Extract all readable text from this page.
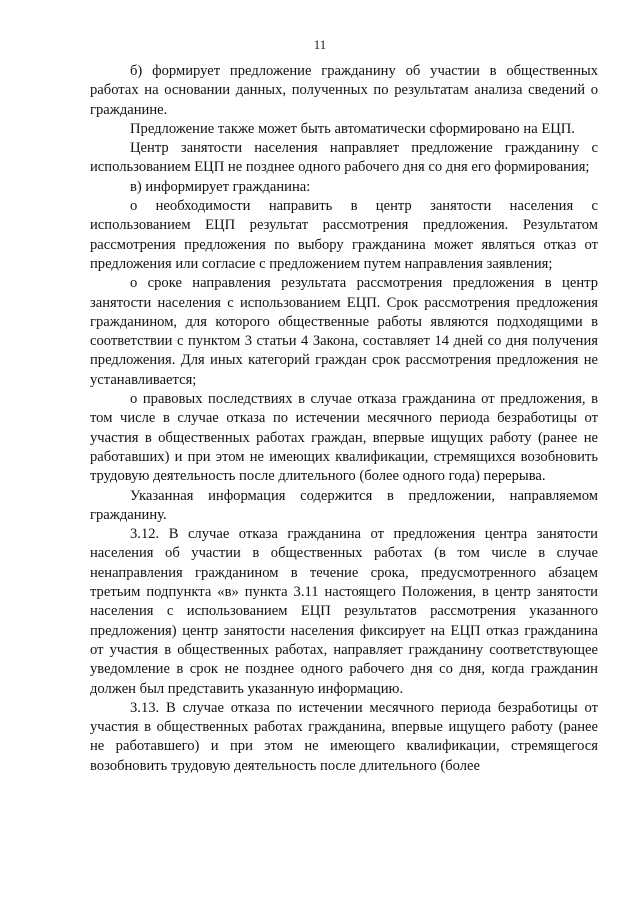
11

б) формирует предложение гражданину об участии в общественных работах на основании данных, полученных по результатам анализа сведений о гражданине.

Предложение также может быть автоматически сформировано на ЕЦП.

Центр занятости населения направляет предложение гражданину с использованием ЕЦП не позднее одного рабочего дня со дня его формирования;

в) информирует гражданина:

о необходимости направить в центр занятости населения с использованием ЕЦП результат рассмотрения предложения. Результатом рассмотрения предложения по выбору гражданина может являться отказ от предложения или согласие с предложением путем направления заявления;

о сроке направления результата рассмотрения предложения в центр занятости населения с использованием ЕЦП. Срок рассмотрения предложения гражданином, для которого общественные работы являются подходящими в соответствии с пунктом 3 статьи 4 Закона, составляет 14 дней со дня получения предложения. Для иных категорий граждан срок рассмотрения предложения не устанавливается;

о правовых последствиях в случае отказа гражданина от предложения, в том числе в случае отказа по истечении месячного периода безработицы от участия в общественных работах граждан, впервые ищущих работу (ранее не работавших) и при этом не имеющих квалификации, стремящихся возобновить трудовую деятельность после длительного (более одного года) перерыва.

Указанная информация содержится в предложении, направляемом гражданину.

3.12. В случае отказа гражданина от предложения центра занятости населения об участии в общественных работах (в том числе в случае ненаправления гражданином в течение срока, предусмотренного абзацем третьим подпункта «в» пункта 3.11 настоящего Положения, в центр занятости населения с использованием ЕЦП результатов рассмотрения указанного предложения) центр занятости населения фиксирует на ЕЦП отказ гражданина от участия в общественных работах, направляет гражданину соответствующее уведомление в срок не позднее одного рабочего дня со дня, когда гражданин должен был представить указанную информацию.

3.13. В случае отказа по истечении месячного периода безработицы от участия в общественных работах гражданина, впервые ищущего работу (ранее не работавшего) и при этом не имеющего квалификации, стремящегося возобновить трудовую деятельность после длительного (более
